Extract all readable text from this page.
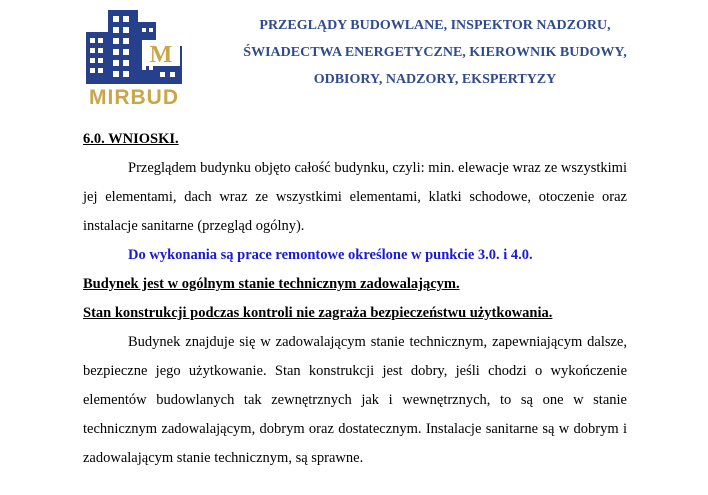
M
MIRBUD
PRZEGLĄDY BUDOWLANE, INSPEKTOR NADZORU,
ŚWIADECTWA ENERGETYCZNE, KIEROWNIK BUDOWY,
ODBIORY, NADZORY, EKSPERTYZY

6.0. WNIOSKI.

Przeglądem budynku objęto całość budynku, czyli: min. elewacje wraz ze wszystkimi jej elementami, dach wraz ze wszystkimi elementami, klatki schodowe, otoczenie oraz instalacje sanitarne (przegląd ogólny).

Do wykonania są prace remontowe określone w punkcie 3.0. i 4.0.

Budynek jest w ogólnym stanie technicznym zadowalającym.

Stan konstrukcji podczas kontroli nie zagraża bezpieczeństwu użytkowania.

Budynek znajduje się w zadowalającym stanie technicznym, zapewniającym dalsze, bezpieczne jego użytkowanie. Stan konstrukcji jest dobry, jeśli chodzi o wykończenie elementów budowlanych tak zewnętrznych jak i wewnętrznych, to są one w stanie technicznym zadowalającym, dobrym oraz dostatecznym. Instalacje sanitarne są w dobrym i zadowalającym stanie technicznym, są sprawne.
